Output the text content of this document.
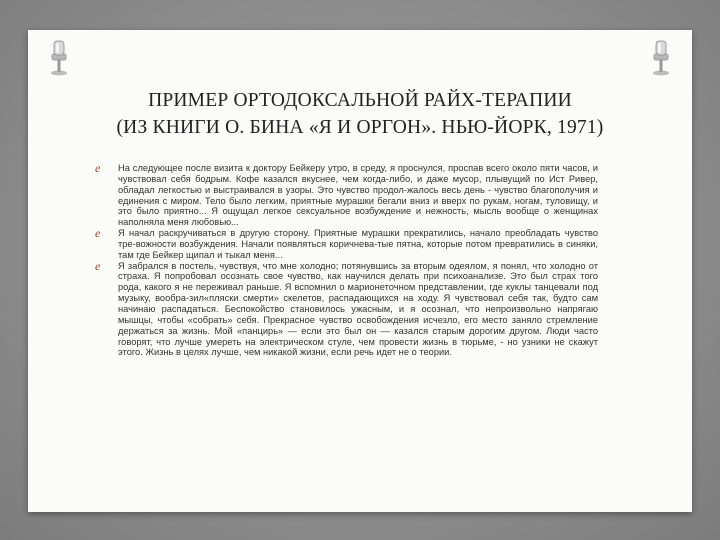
ПРИМЕР ОРТОДОКСАЛЬНОЙ РАЙХ-ТЕРАПИИ
(ИЗ КНИГИ О. БИНА «Я И ОРГОН». НЬЮ-ЙОРК, 1971)
e На следующее после визита к доктору Бейкеру утро, в среду, я проснулся, проспав всего около пяти часов, и чувствовал себя бодрым. Кофе казался вкуснее, чем когда-либо, и даже мусор, плывущий по Ист Ривер, обладал легкостью и выстраивался в узоры. Это чувство продол-жалось весь день - чувство благополучия и единения с миром. Тело было легким, приятные мурашки бегали вниз и вверх по рукам, ногам, туловищу, и это было приятно... Я ощущал легкое сексуальное возбуждение и нежность, мысль вообще о женщинах наполняла меня любовью...
e Я начал раскручиваться в другую сторону. Приятные мурашки прекратились, начало преобладать чувство тре-вожности возбуждения. Начали появляться коричнева-тые пятна, которые потом превратились в синяки, там где Бейкер щипал и тыкал меня...
e Я забрался в постель, чувствуя, что мне холодно; потянувшись за вторым одеялом, я понял, что холодно от страха. Я попробовал осознать свое чувство, как научился делать при психоанализе. Это был страх того рода, какого я не переживал раньше. Я вспомнил о марионеточном представлении, где куклы танцевали под музыку, вообра-зил«пляски смерти» скелетов, распадающихся на ходу. Я чувствовал себя так, будто сам начинаю распадаться. Беспокойство становилось ужасным, и я осознал, что непроизвольно напрягаю мышцы, чтобы «собрать» себя. Прекрасное чувство освобождения исчезло, его место заняло стремление держаться за жизнь. Мой «панцирь» — если это был он — казался старым дорогим другом. Люди часто говорят, что лучше умереть на электрическом стуле, чем провести жизнь в тюрьме, - но узники не скажут этого. Жизнь в целях лучше, чем никакой жизни, если речь идет не о теории.
